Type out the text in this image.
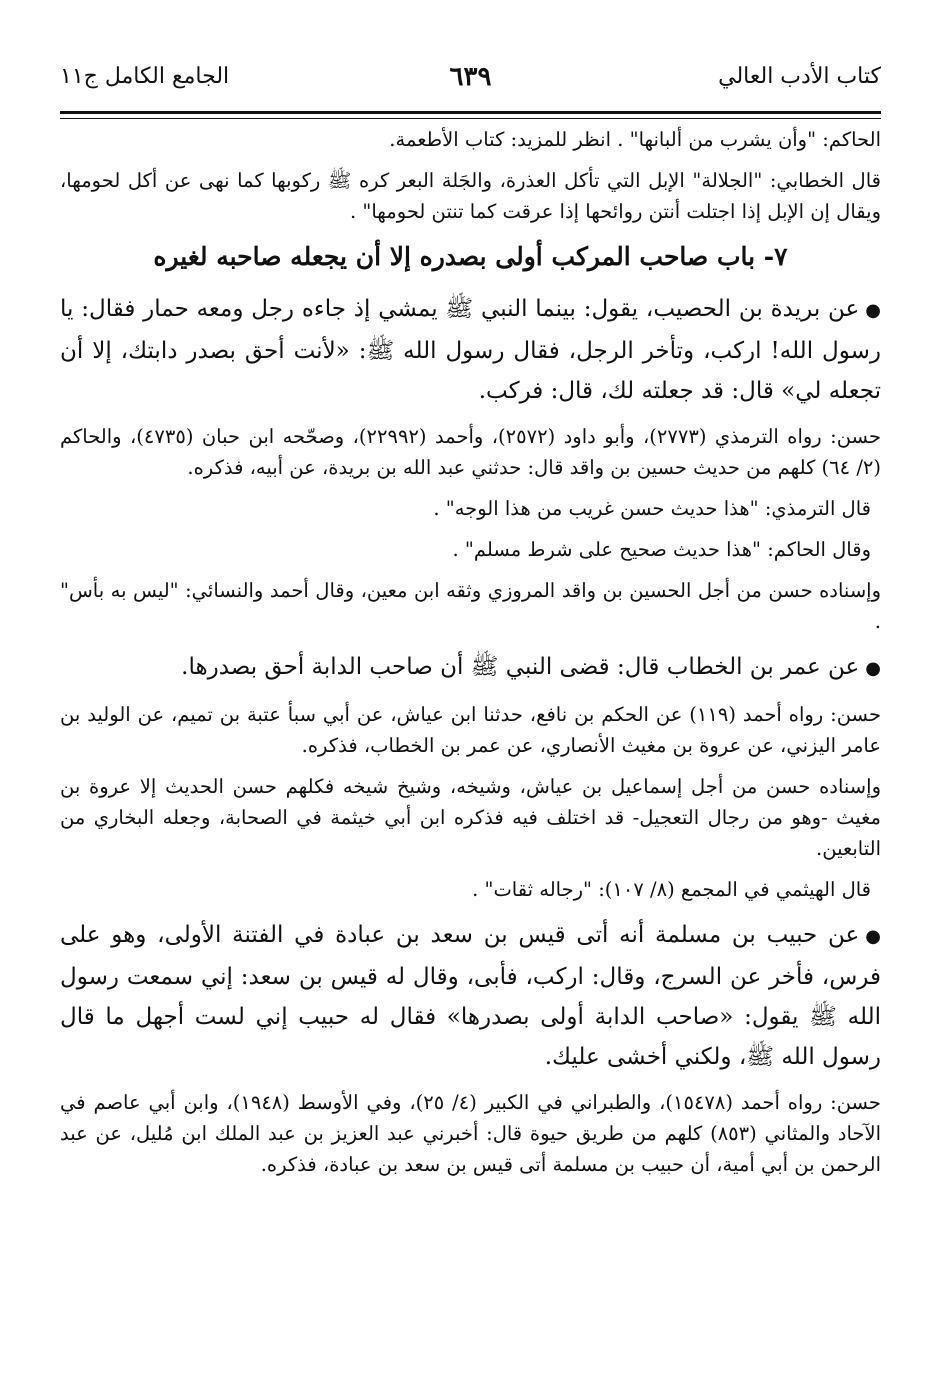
كتاب الأدب العالي
٦٣٩
الجامع الكامل ج١١

الحاكم: "وأن يشرب من ألبانها" . انظر للمزيد: كتاب الأطعمة.

قال الخطابي: "الجلالة" الإبل التي تأكل العذرة، والجَلة البعر كره ﷺ ركوبها كما نهى عن أكل لحومها، ويقال إن الإبل إذا اجتلت أنتن روائحها إذا عرقت كما تنتن لحومها" .

٧- باب صاحب المركب أولى بصدره إلا أن يجعله صاحبه لغيره

●عن بريدة بن الحصيب، يقول: بينما النبي ﷺ يمشي إذ جاءه رجل ومعه حمار فقال: يا رسول الله! اركب، وتأخر الرجل، فقال رسول الله ﷺ: «لأنت أحق بصدر دابتك، إلا أن تجعله لي» قال: قد جعلته لك، قال: فركب.

حسن: رواه الترمذي (٢٧٧٣)، وأبو داود (٢٥٧٢)، وأحمد (٢٢٩٩٢)، وصحّحه ابن حبان (٤٧٣٥)، والحاكم (٢/ ٦٤) كلهم من حديث حسين بن واقد قال: حدثني عبد الله بن بريدة، عن أبيه، فذكره.

قال الترمذي: "هذا حديث حسن غريب من هذا الوجه" .

وقال الحاكم: "هذا حديث صحيح على شرط مسلم" .

وإسناده حسن من أجل الحسين بن واقد المروزي وثقه ابن معين، وقال أحمد والنسائي: "ليس به بأس" .

●عن عمر بن الخطاب قال: قضى النبي ﷺ أن صاحب الدابة أحق بصدرها.

حسن: رواه أحمد (١١٩) عن الحكم بن نافع، حدثنا ابن عياش، عن أبي سبأ عتبة بن تميم، عن الوليد بن عامر اليزني، عن عروة بن مغيث الأنصاري، عن عمر بن الخطاب، فذكره.

وإسناده حسن من أجل إسماعيل بن عياش، وشيخه، وشيخ شيخه فكلهم حسن الحديث إلا عروة بن مغيث -وهو من رجال التعجيل- قد اختلف فيه فذكره ابن أبي خيثمة في الصحابة، وجعله البخاري من التابعين.

قال الهيثمي في المجمع (٨/ ١٠٧): "رجاله ثقات" .

●عن حبيب بن مسلمة أنه أتى قيس بن سعد بن عبادة في الفتنة الأولى، وهو على فرس، فأخر عن السرج، وقال: اركب، فأبى، وقال له قيس بن سعد: إني سمعت رسول الله ﷺ يقول: «صاحب الدابة أولى بصدرها» فقال له حبيب إني لست أجهل ما قال رسول الله ﷺ، ولكني أخشى عليك.

حسن: رواه أحمد (١٥٤٧٨)، والطبراني في الكبير (٤/ ٢٥)، وفي الأوسط (١٩٤٨)، وابن أبي عاصم في الآحاد والمثاني (٨٥٣) كلهم من طريق حيوة قال: أخبرني عبد العزيز بن عبد الملك ابن مُليل، عن عبد الرحمن بن أبي أمية، أن حبيب بن مسلمة أتى قيس بن سعد بن عبادة، فذكره.
